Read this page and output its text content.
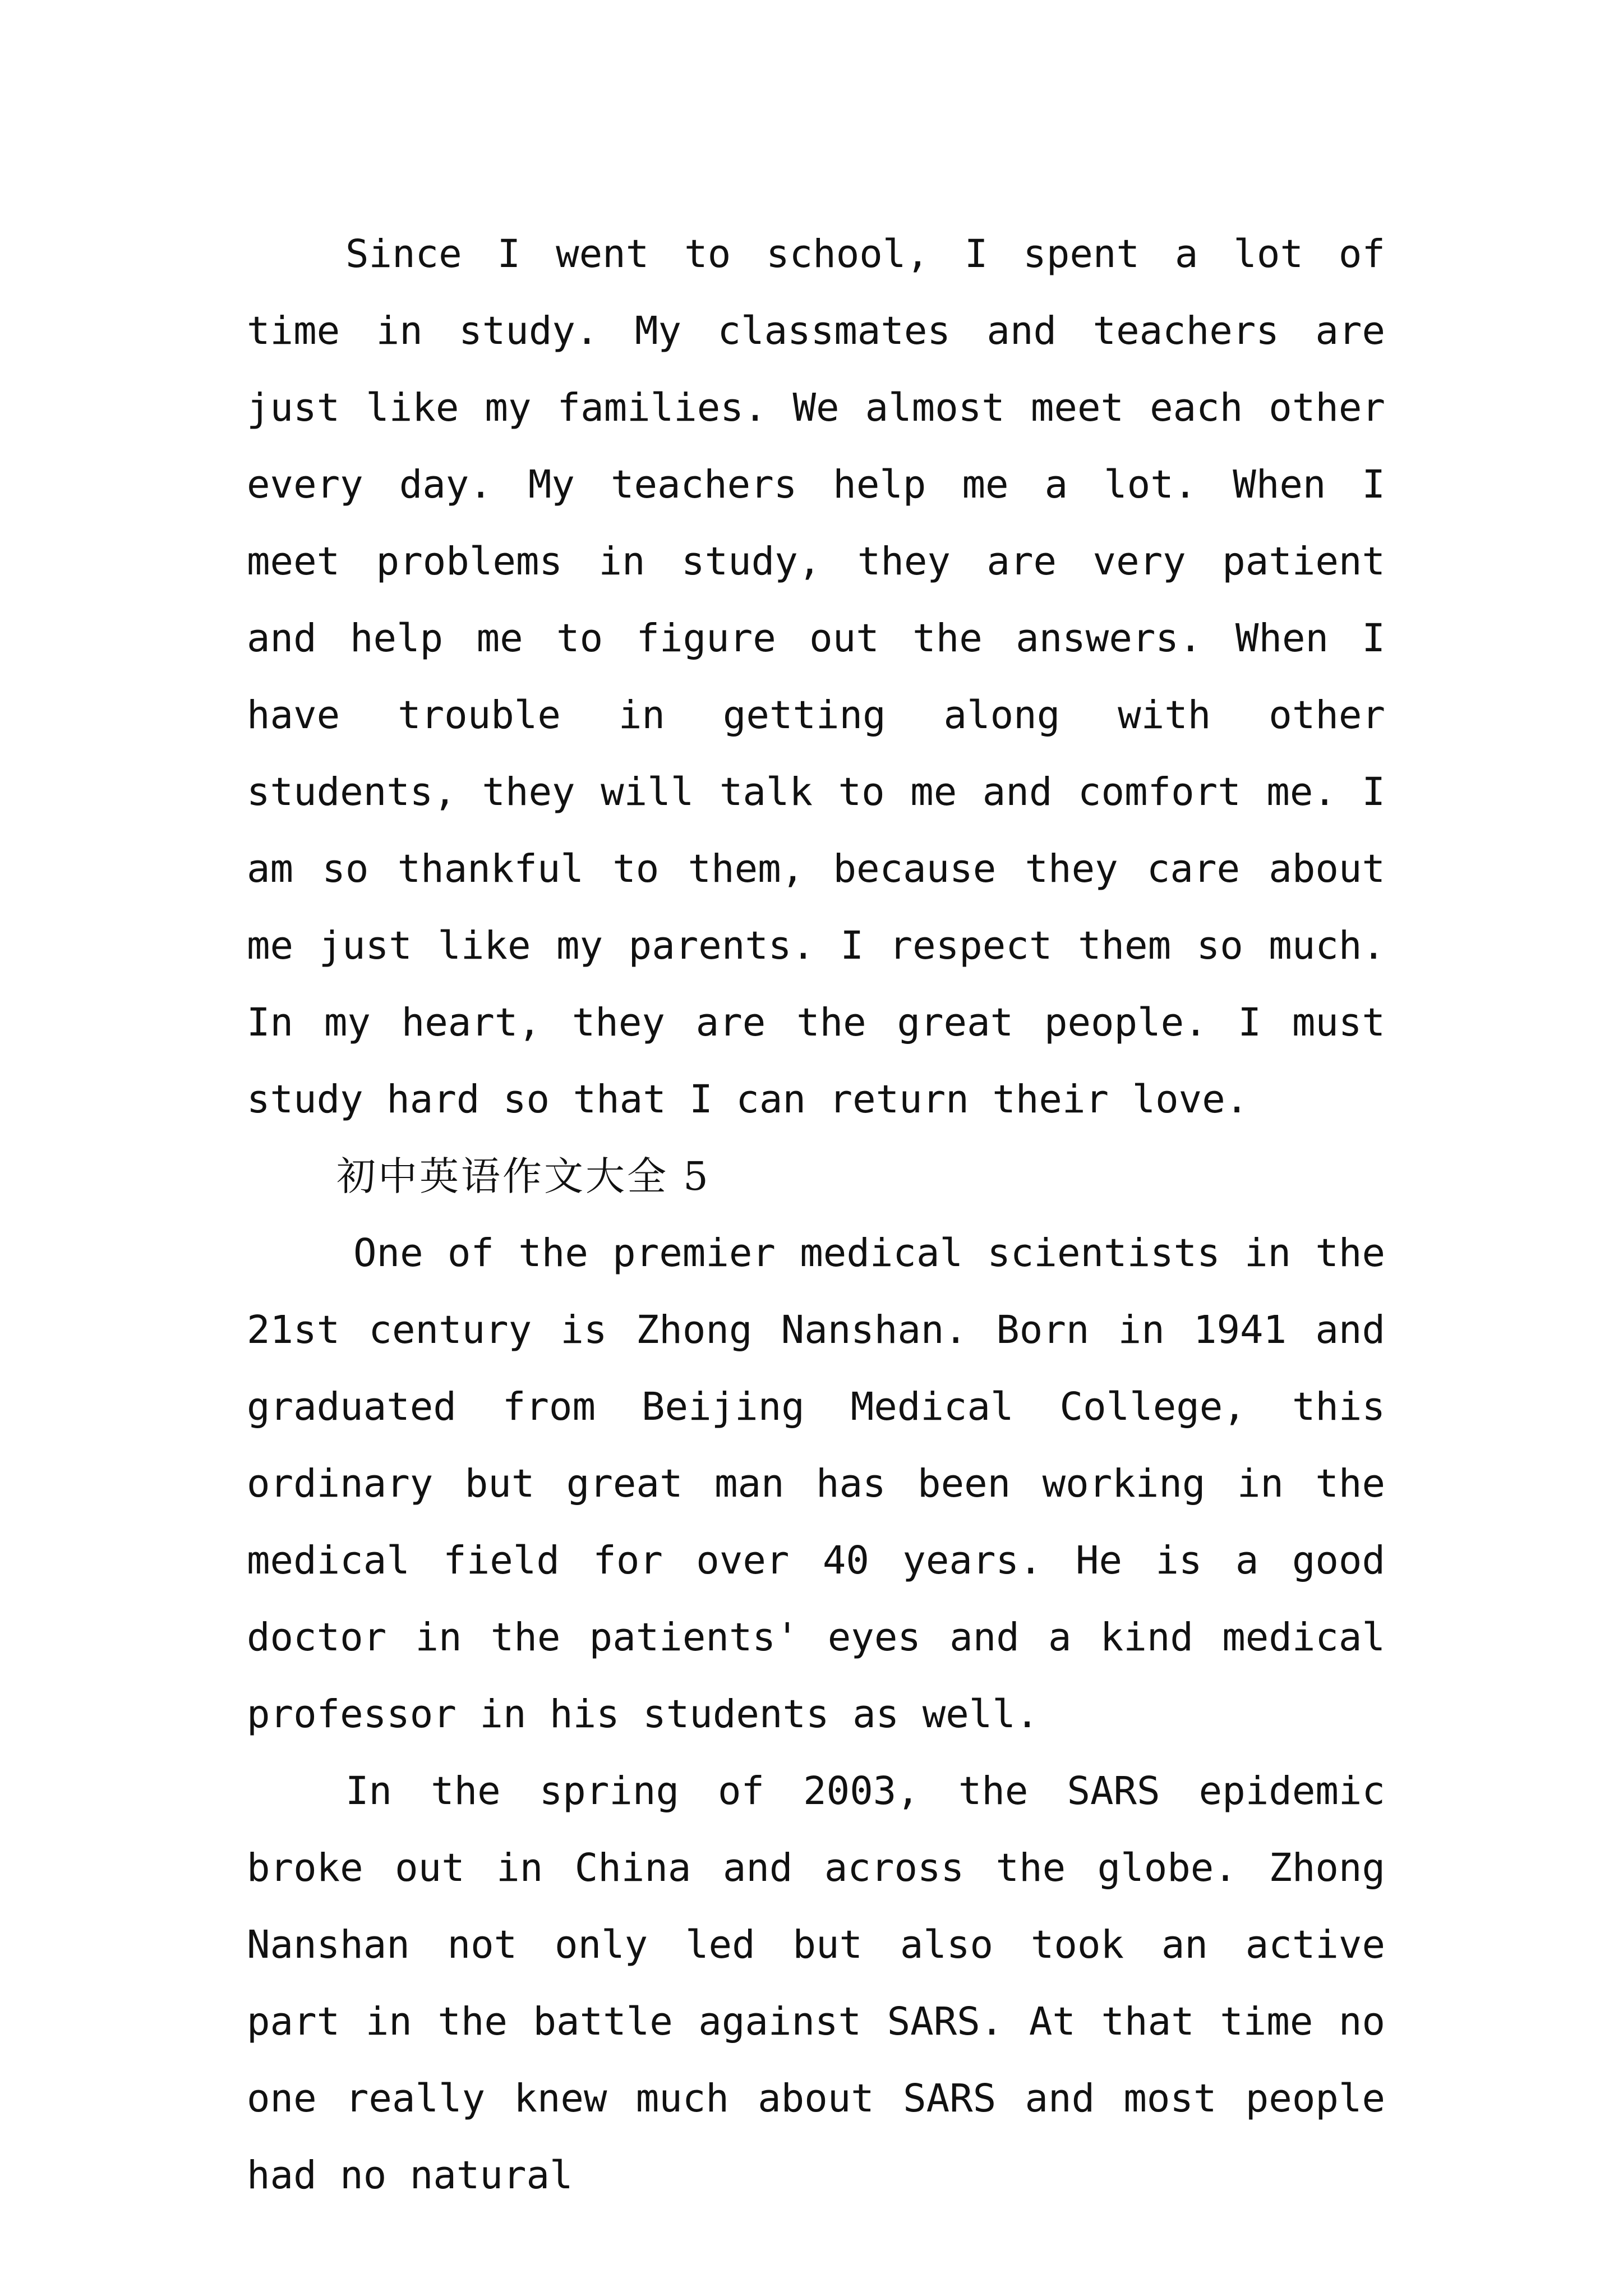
Since I went to school, I spent a lot of time in study. My classmates and teachers are just like my families. We almost meet each other every day. My teachers help me a lot. When I meet problems in study, they are very patient and help me to figure out the answers. When I have trouble in getting along with other students, they will talk to me and comfort me. I am so thankful to them, because they care about me just like my parents. I respect them so much. In my heart, they are the great people. I must study hard so that I can return their love.

初中英语作文大全 5

One of the premier medical scientists in the 21st century is Zhong Nanshan. Born in 1941 and graduated from Beijing Medical College, this ordinary but great man has been working in the medical field for over 40 years. He is a good doctor in the patients' eyes and a kind medical professor in his students as well.

In the spring of 2003, the SARS epidemic broke out in China and across the globe. Zhong Nanshan not only led but also took an active part in the battle against SARS. At that time no one really knew much about SARS and most people had no natural
